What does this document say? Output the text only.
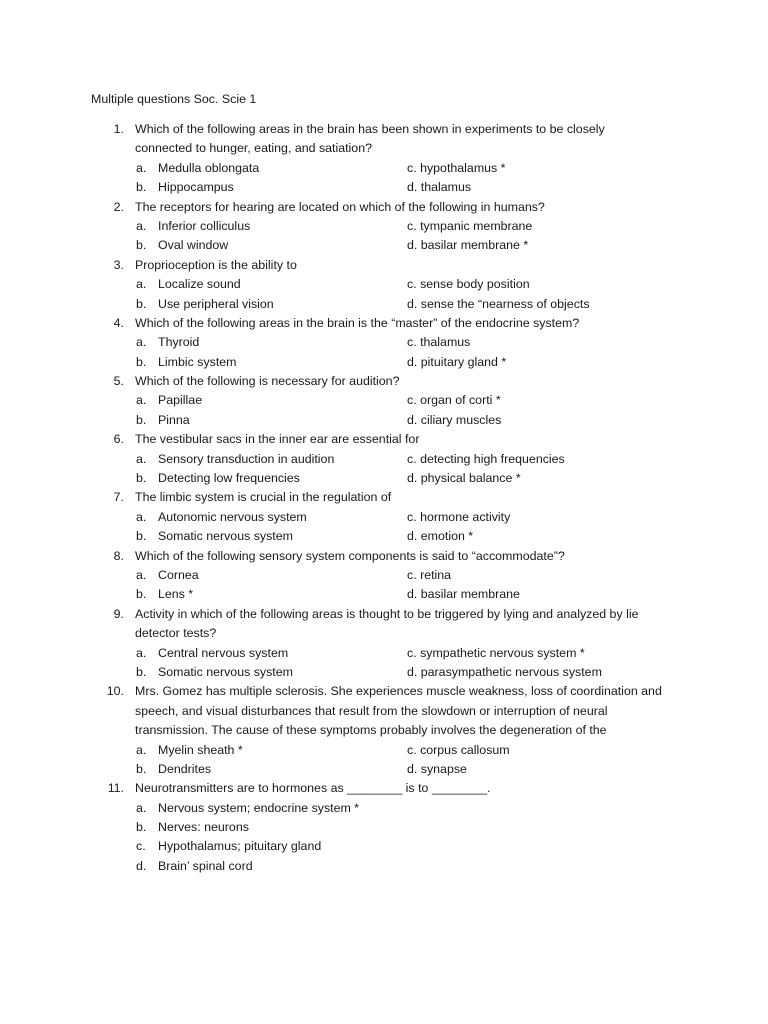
Multiple questions Soc. Scie 1
1. Which of the following areas in the brain has been shown in experiments to be closely
connected to hunger, eating, and satiation?
a. Medulla oblongata	c. hypothalamus *
b. Hippocampus	d. thalamus
2. The receptors for hearing are located on which of the following in humans?
a. Inferior colliculus	c. tympanic membrane
b. Oval window	d. basilar membrane *
3. Proprioception is the ability to
a. Localize sound	c. sense body position
b. Use peripheral vision	d. sense the “nearness of objects
4. Which of the following areas in the brain is the “master” of the endocrine system?
a. Thyroid	c. thalamus
b. Limbic system	d. pituitary gland *
5. Which of the following is necessary for audition?
a. Papillae	c. organ of corti *
b. Pinna	d. ciliary muscles
6. The vestibular sacs in the inner ear are essential for
a. Sensory transduction in audition	c. detecting high frequencies
b. Detecting low frequencies	d. physical balance *
7. The limbic system is crucial in the regulation of
a. Autonomic nervous system	c. hormone activity
b. Somatic nervous system	d. emotion *
8. Which of the following sensory system components is said to “accommodate”?
a. Cornea	c. retina
b. Lens *	d. basilar membrane
9. Activity in which of the following areas is thought to be triggered by lying and analyzed by lie
detector tests?
a. Central nervous system	c. sympathetic nervous system *
b. Somatic nervous system	d. parasympathetic nervous system
10. Mrs. Gomez has multiple sclerosis. She experiences muscle weakness, loss of coordination and
speech, and visual disturbances that result from the slowdown or interruption of neural
transmission. The cause of these symptoms probably involves the degeneration of the
a. Myelin sheath *	c. corpus callosum
b. Dendrites	d. synapse
11. Neurotransmitters are to hormones as ________ is to ________.
a. Nervous system; endocrine system *
b. Nerves: neurons
c. Hypothalamus; pituitary gland
d. Brain’ spinal cord
